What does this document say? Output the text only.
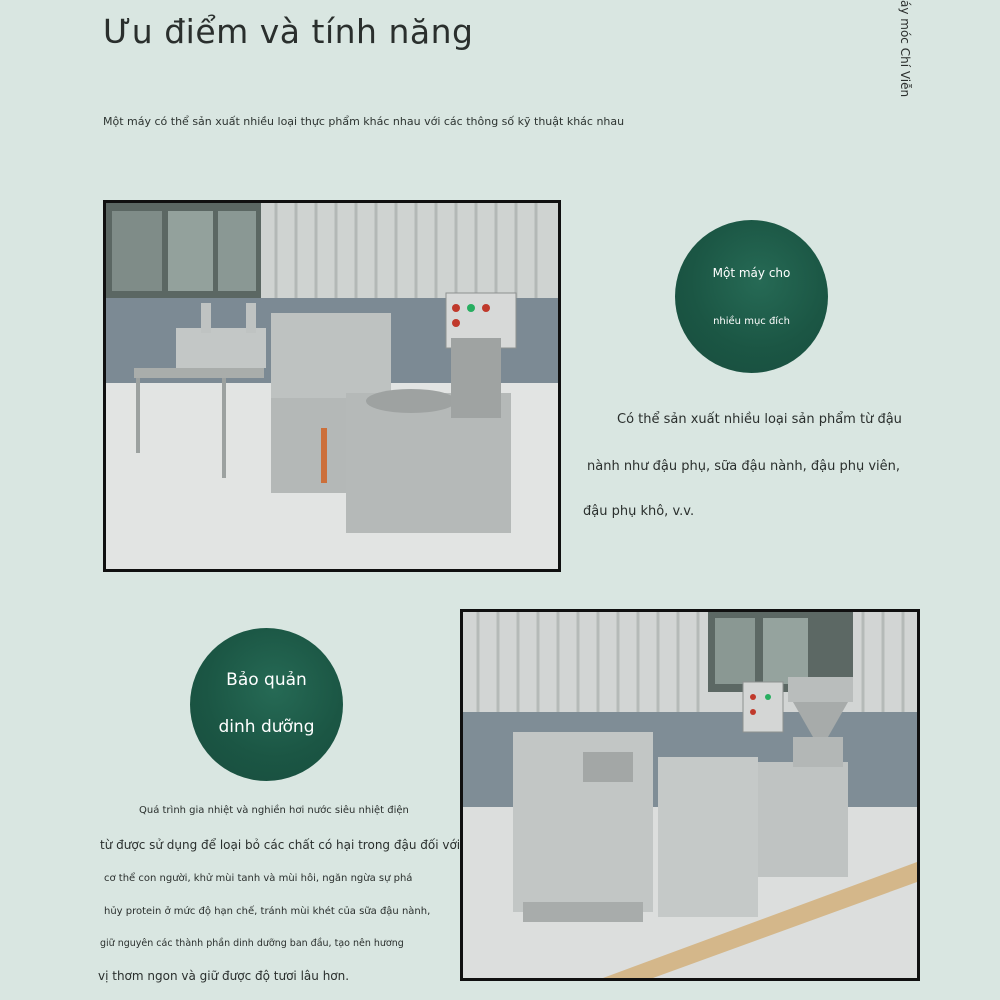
Ưu điểm và tính năng	áy móc Chí Viễn
Một máy có thể sản xuất nhiều loại thực phẩm khác nhau với các thông số kỹ thuật khác nhau
Một máy cho
nhiều mục đích

Có thể sản xuất nhiều loại sản phẩm từ đậu

nành như đậu phụ, sữa đậu nành, đậu phụ viên,

đậu phụ khô, v.v.

Bảo quản
dinh dưỡng

Quá trình gia nhiệt và nghiền hơi nước siêu nhiệt điện

từ được sử dụng để loại bỏ các chất có hại trong đậu đối với

cơ thể con người, khử mùi tanh và mùi hôi, ngăn ngừa sự phá

hủy protein ở mức độ hạn chế, tránh mùi khét của sữa đậu nành,

giữ nguyên các thành phần dinh dưỡng ban đầu, tạo nên hương

vị thơm ngon và giữ được độ tươi lâu hơn.
